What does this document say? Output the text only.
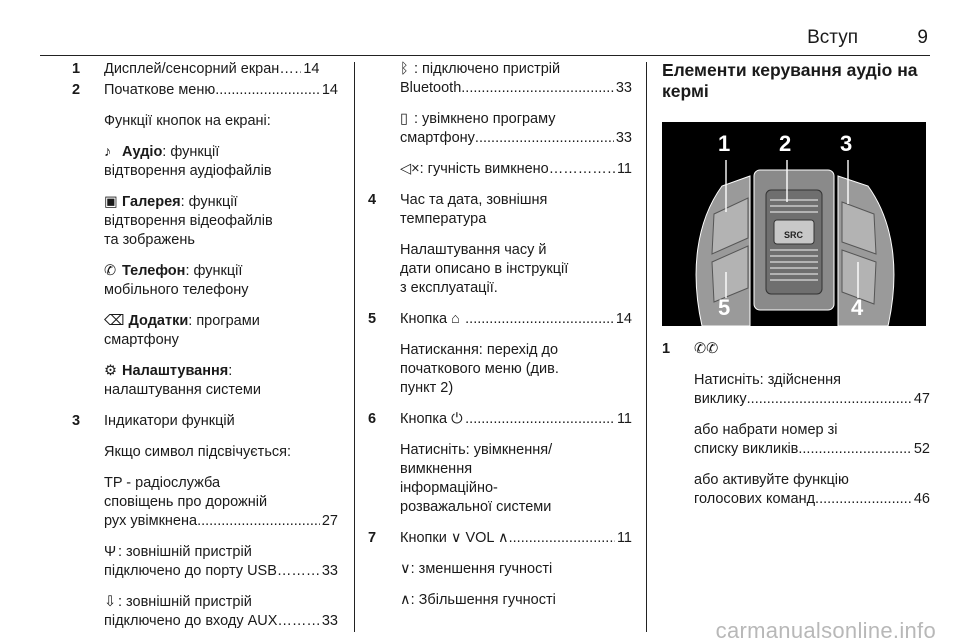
Вступ	9
1 Дисплей/сенсорний екран ……………………………………………… 14
2 Початкове меню .....	14
Функції кнопок на екрані:
♪ Аудіо: функції
відтворення аудіофайлів
▣ Галерея: функції
відтворення відеофайлів
та зображень
✆ Телефон: функції
мобільного телефону
⌫ Додатки: програми
смартфону
⚙ Налаштування:
налаштування системи
3 Індикатори функцій
Якщо символ підсвічується:
TP - радіослужба
сповіщень про дорожній
рух увімкнена .....	27
Ψ : зовнішній пристрій
підключено до порту USB ………………………………………………	33
⇩ : зовнішній пристрій
підключено до входу AUX ………………………………………………	33
ᛒ : підключено пристрій
Bluetooth .....	33
▯ : увімкнено програму
смартфону .....	33
◁×: гучність вимкнено ………………………………………………	11
4 Час та дата, зовнішня
температура
Налаштування часу й
дати описано в інструкції
з експлуатації.
5 Кнопка ⌂ .....	14
Натискання: перехід до
початкового меню (див.
пункт 2)
6 Кнопка ⏻ .....	11
Натисніть: увімкнення/
вимкнення
інформаційно-
розважальної системи
7 Кнопки ∨ VOL ∧ .....	11
∨: зменшення гучності
∧: Збільшення гучності
Елементи керування аудіо на
кермі
1 2 3
4
5
SRC
1 ✆✆
Натисніть: здійснення
виклику .....	47
або набрати номер зі
списку викликів .....	52
або активуйте функцію
голосових команд .....	46
carmanualsonline.info
